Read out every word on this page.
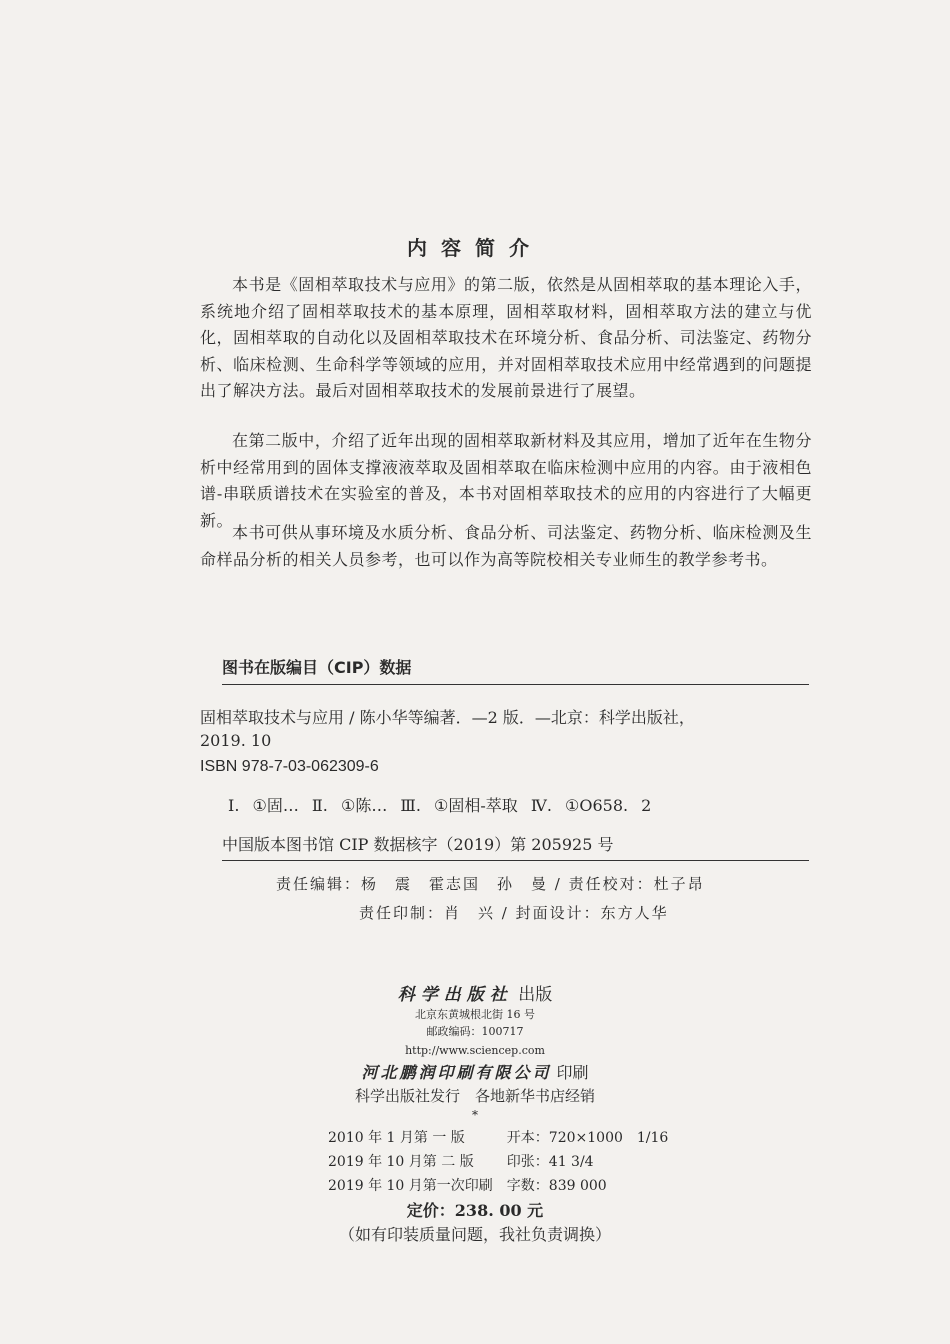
内容简介
本书是《固相萃取技术与应用》的第二版，依然是从固相萃取的基本理论入手，系统地介绍了固相萃取技术的基本原理，固相萃取材料，固相萃取方法的建立与优化，固相萃取的自动化以及固相萃取技术在环境分析、食品分析、司法鉴定、药物分析、临床检测、生命科学等领域的应用，并对固相萃取技术应用中经常遇到的问题提出了解决方法。最后对固相萃取技术的发展前景进行了展望。
在第二版中，介绍了近年出现的固相萃取新材料及其应用，增加了近年在生物分析中经常用到的固体支撑液液萃取及固相萃取在临床检测中应用的内容。由于液相色谱-串联质谱技术在实验室的普及，本书对固相萃取技术的应用的内容进行了大幅更新。
本书可供从事环境及水质分析、食品分析、司法鉴定、药物分析、临床检测及生命样品分析的相关人员参考，也可以作为高等院校相关专业师生的教学参考书。
图书在版编目（CIP）数据
固相萃取技术与应用 / 陈小华等编著．—2 版．—北京：科学出版社，
2019. 10
ISBN 978-7-03-062309-6
Ⅰ. ①固… Ⅱ. ①陈… Ⅲ. ①固相-萃取 Ⅳ. ①O658. 2
中国版本图书馆 CIP 数据核字（2019）第 205925 号
责任编辑：杨　震　霍志国　孙　曼 / 责任校对：杜子昂
责任印制：肖　兴 / 封面设计：东方人华
科学出版社 出版
北京东黄城根北街 16 号
邮政编码：100717
http://www.sciencep.com
河北鹏润印刷有限公司 印刷
科学出版社发行　各地新华书店经销
*
2010 年 1 月第 一 版	开本：720×1000　1/16
2019 年 10 月第 二 版	印张：41 3/4
2019 年 10 月第一次印刷	字数：839 000
定价：238. 00 元
（如有印装质量问题，我社负责调换）
